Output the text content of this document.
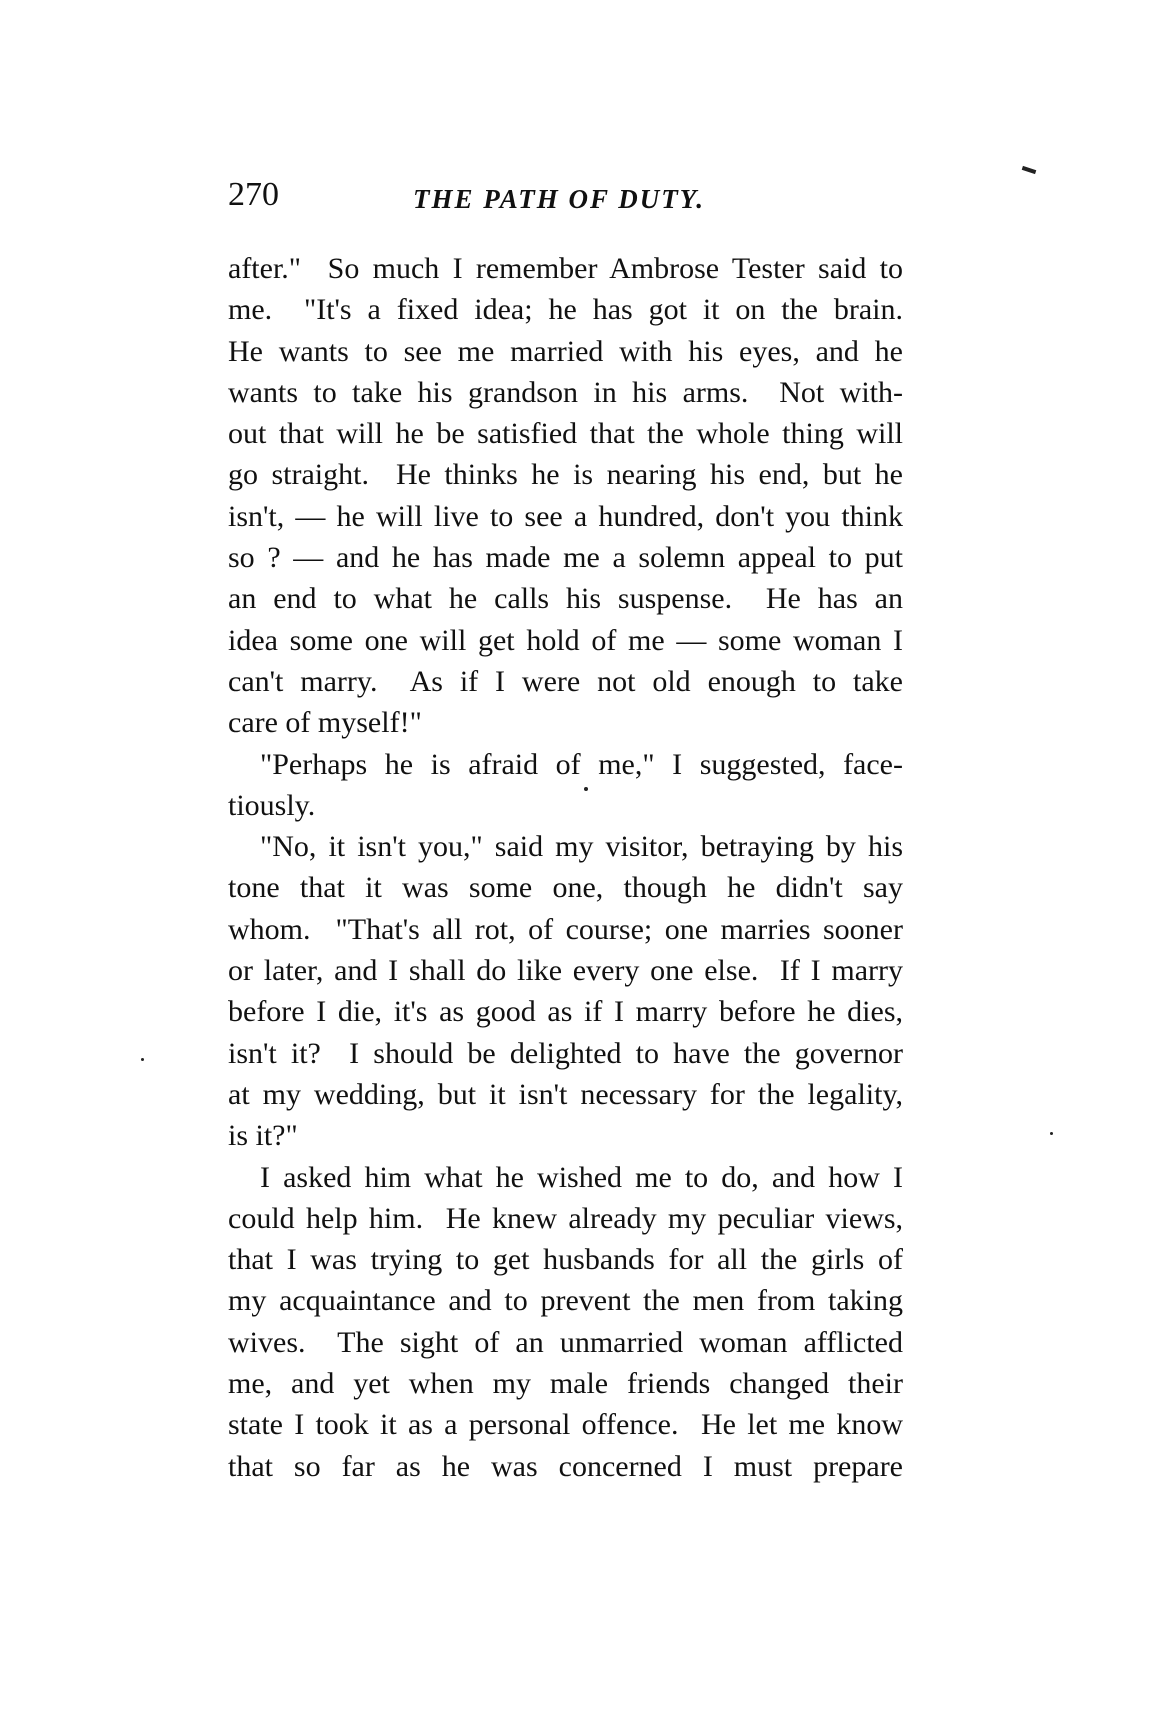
270	THE PATH OF DUTY.
after."  So much I remember Ambrose Tester said to
me.  "It's a fixed idea; he has got it on the brain.
He wants to see me married with his eyes, and he
wants to take his grandson in his arms.  Not with-
out that will he be satisfied that the whole thing will
go straight.  He thinks he is nearing his end, but he
isn't, — he will live to see a hundred, don't you think
so ? — and he has made me a solemn appeal to put
an end to what he calls his suspense.  He has an
idea some one will get hold of me — some woman I
can't marry.  As if I were not old enough to take
care of myself!"
"Perhaps he is afraid of me," I suggested, face-
tiously.
"No, it isn't you," said my visitor, betraying by his
tone that it was some one, though he didn't say
whom.  "That's all rot, of course; one marries sooner
or later, and I shall do like every one else.  If I marry
before I die, it's as good as if I marry before he dies,
isn't it?  I should be delighted to have the governor
at my wedding, but it isn't necessary for the legality,
is it?"
I asked him what he wished me to do, and how I
could help him.  He knew already my peculiar views,
that I was trying to get husbands for all the girls of
my acquaintance and to prevent the men from taking
wives.  The sight of an unmarried woman afflicted
me, and yet when my male friends changed their
state I took it as a personal offence.  He let me know
that so far as he was concerned I must prepare
